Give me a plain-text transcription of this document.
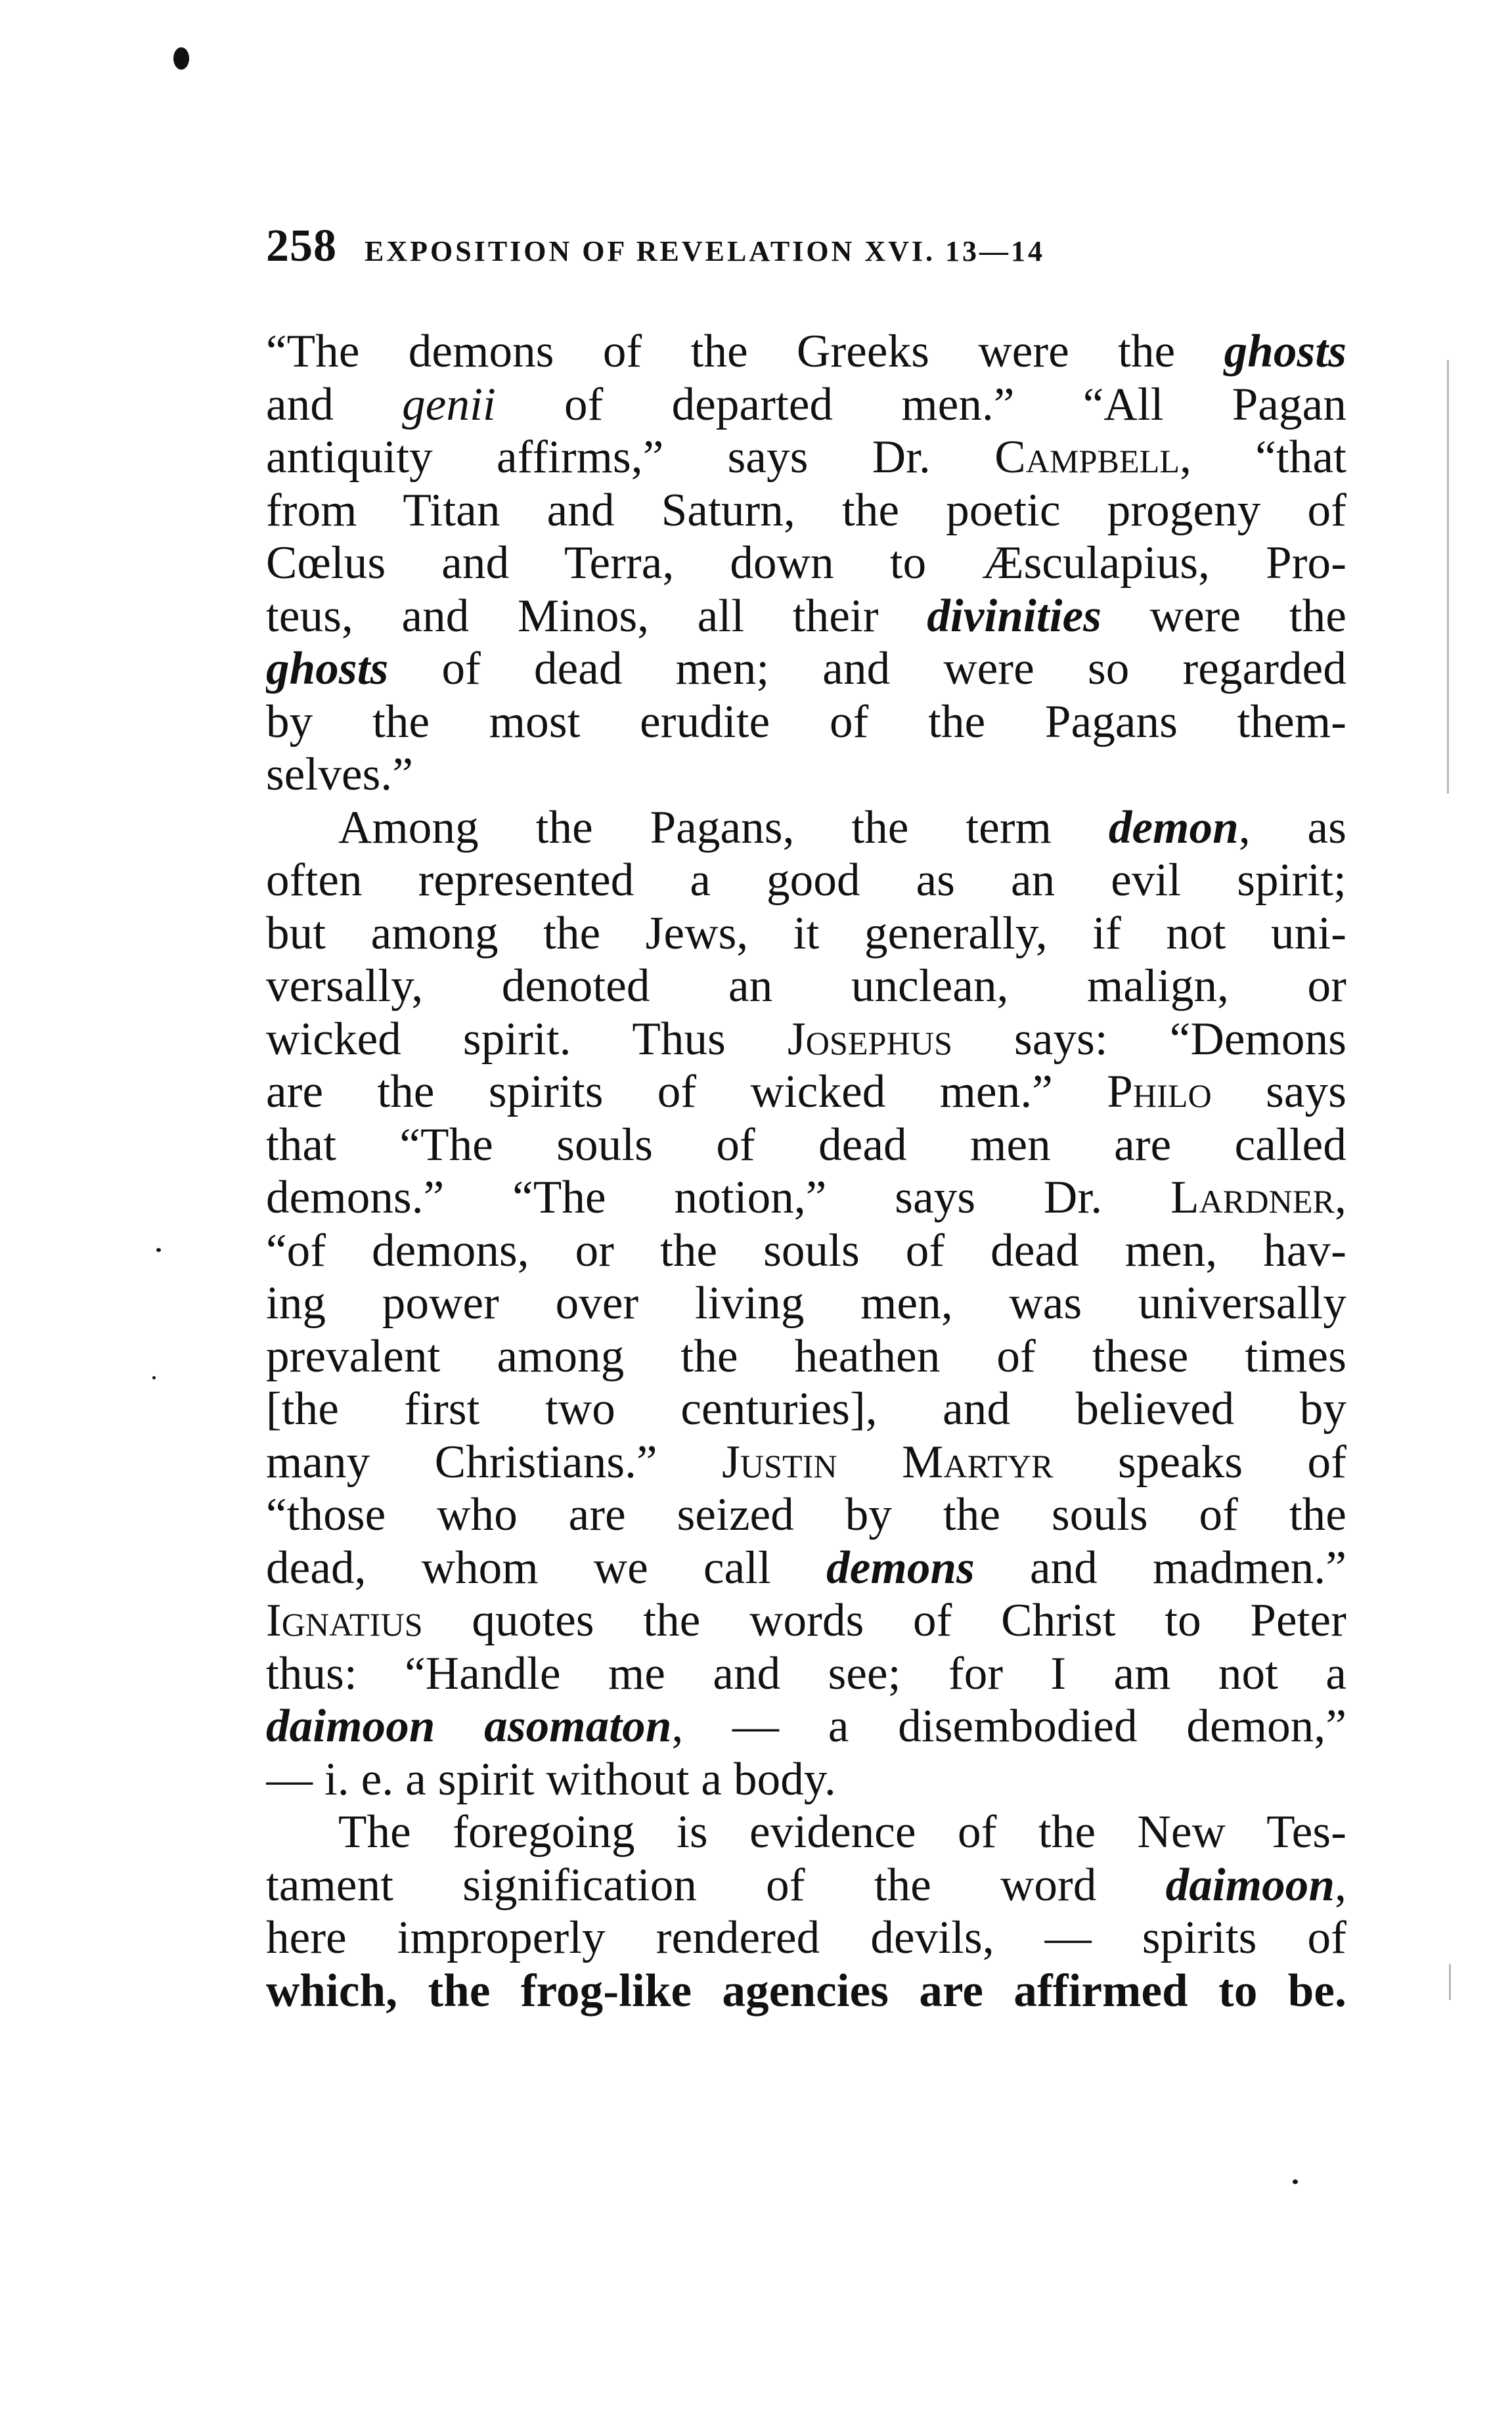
258 EXPOSITION OF REVELATION XVI. 13—14
“The demons of the Greeks were the ghosts
and genii of departed men.” “All Pagan
antiquity affirms,” says Dr. Campbell, “that
from Titan and Saturn, the poetic progeny of
Cœlus and Terra, down to Æsculapius, Pro-
teus, and Minos, all their divinities were the
ghosts of dead men; and were so regarded
by the most erudite of the Pagans them-
selves.”
Among the Pagans, the term demon, as
often represented a good as an evil spirit;
but among the Jews, it generally, if not uni-
versally, denoted an unclean, malign, or
wicked spirit. Thus Josephus says: “Demons
are the spirits of wicked men.” Philo says
that “The souls of dead men are called
demons.” “The notion,” says Dr. Lardner,
“of demons, or the souls of dead men, hav-
ing power over living men, was universally
prevalent among the heathen of these times
[the first two centuries], and believed by
many Christians.” Justin Martyr speaks of
“those who are seized by the souls of the
dead, whom we call demons and madmen.”
Ignatius quotes the words of Christ to Peter
thus: “Handle me and see; for I am not a
daimoon asomaton, — a disembodied demon,”
— i. e. a spirit without a body.
The foregoing is evidence of the New Tes-
tament signification of the word daimoon,
here improperly rendered devils, — spirits of
which, the frog-like agencies are affirmed to be.
